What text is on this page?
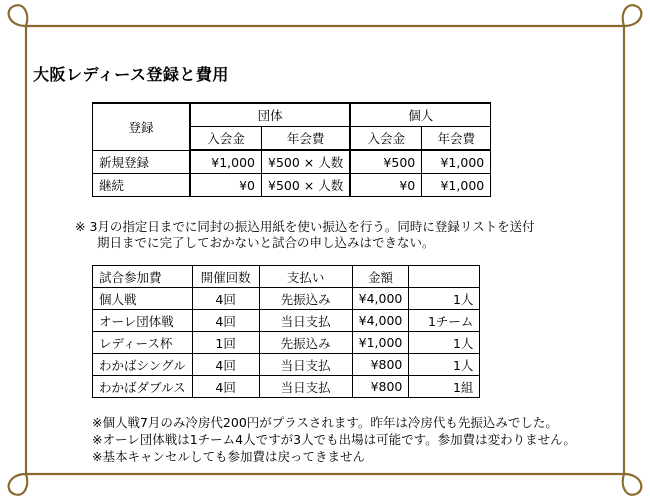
大阪レディース登録と費用
登録	団体		個人	
	入会金	年会費	入会金	年会費
新規登録	¥1,000	¥500 × 人数	¥500	¥1,000
継続	¥0	¥500 × 人数	¥0	¥1,000
※ 3月の指定日までに同封の振込用紙を使い振込を行う。同時に登録リストを送付
期日までに完了しておかないと試合の申し込みはできない。
試合参加費	開催回数	支払い	金額	
個人戦	4回	先振込み	¥4,000	1人
オーレ団体戦	4回	当日支払	¥4,000	1チーム
レディース杯	1回	先振込み	¥1,000	1人
わかばシングル	4回	当日支払	¥800	1人
わかばダブルス	4回	当日支払	¥800	1組
※個人戦7月のみ冷房代200円がプラスされます。昨年は冷房代も先振込みでした。
※オーレ団体戦は1チーム4人ですが3人でも出場は可能です。参加費は変わりません。
※基本キャンセルしても参加費は戻ってきません
